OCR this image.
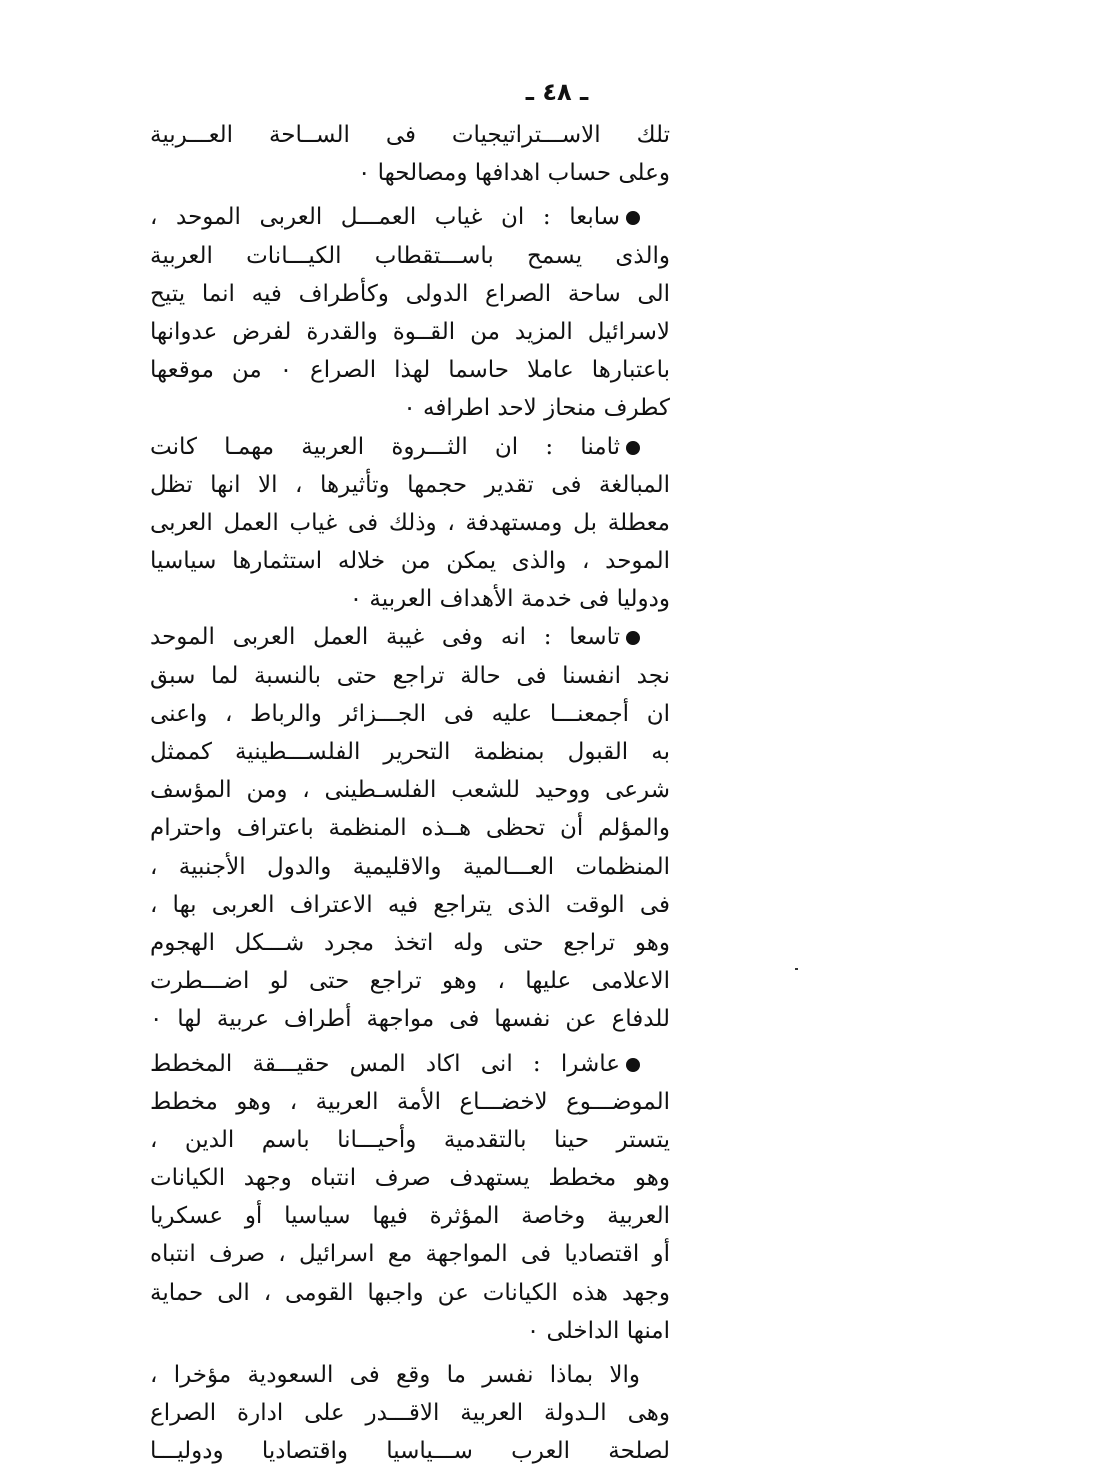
تلك الاســـتراتيجيات فى الســاحة العـــربية
وعلى حساب اهدافها ومصالحها ٠
سابعا : ان غياب العمـــل العربى الموحد ،
والذى يسمح باســـتقطاب الكيـــانات العربية
الى ساحة الصراع الدولى وكأطراف فيه انما يتيح
لاسرائيل المزيد من القــوة والقدرة لفرض عدوانها
باعتبارها عاملا حاسما لهذا الصراع ٠ من موقعها
كطرف منحاز لاحد اطرافه ٠
ثامنا : ان الثـــروة العربية مهمـا كانت
المبالغة فى تقدير حجمها وتأثيرها ، الا انها تظل
معطلة بل ومستهدفة ، وذلك فى غياب العمل العربى
الموحد ، والذى يمكن من خلاله استثمارها سياسيا
ودوليا فى خدمة الأهداف العربية ٠
تاسعا : انه وفى غيبة العمل العربى الموحد
نجد انفسنا فى حالة تراجع حتى بالنسبة لما سبق
ان أجمعنـــا عليه فى الجـــزائر والرباط ، واعنى
به القبول بمنظمة التحرير الفلســـطينية كممثل
شرعى ووحيد للشعب الفلسـطينى ، ومن المؤسف
والمؤلم أن تحظى هــذه المنظمة باعتراف واحترام
المنظمات العـــالمية والاقليمية والدول الأجنبية ،
فى الوقت الذى يتراجع فيه الاعتراف العربى بها ،
وهو تراجع حتى وله اتخذ مجرد شـــكل الهجوم
الاعلامى عليها ، وهو تراجع حتى لو اضـــطرت
للدفاع عن نفسها فى مواجهة أطراف عربية لها ٠
عاشرا : انى اكاد المس حقيـــقة المخطط
الموضـــوع لاخضـــاع الأمة العربية ، وهو مخطط
يتستر حينا بالتقدمية وأحيـــانا باسم الدين ،
وهو مخطط يستهدف صرف انتباه وجهد الكيانات
العربية وخاصة المؤثرة فيها سياسيا أو عسكريا
أو اقتصاديا فى المواجهة مع اسرائيل ، صرف انتباه
وجهد هذه الكيانات عن واجبها القومى ، الى حماية
امنها الداخلى ٠
والا بماذا نفسر ما وقع فى السعودية مؤخرا ،
وهى الـدولة العربية الاقـــدر على ادارة الصراع
لصلحة العرب ســـياسيا واقتصاديا ودوليـــا
ـ ٤٨ ـ
